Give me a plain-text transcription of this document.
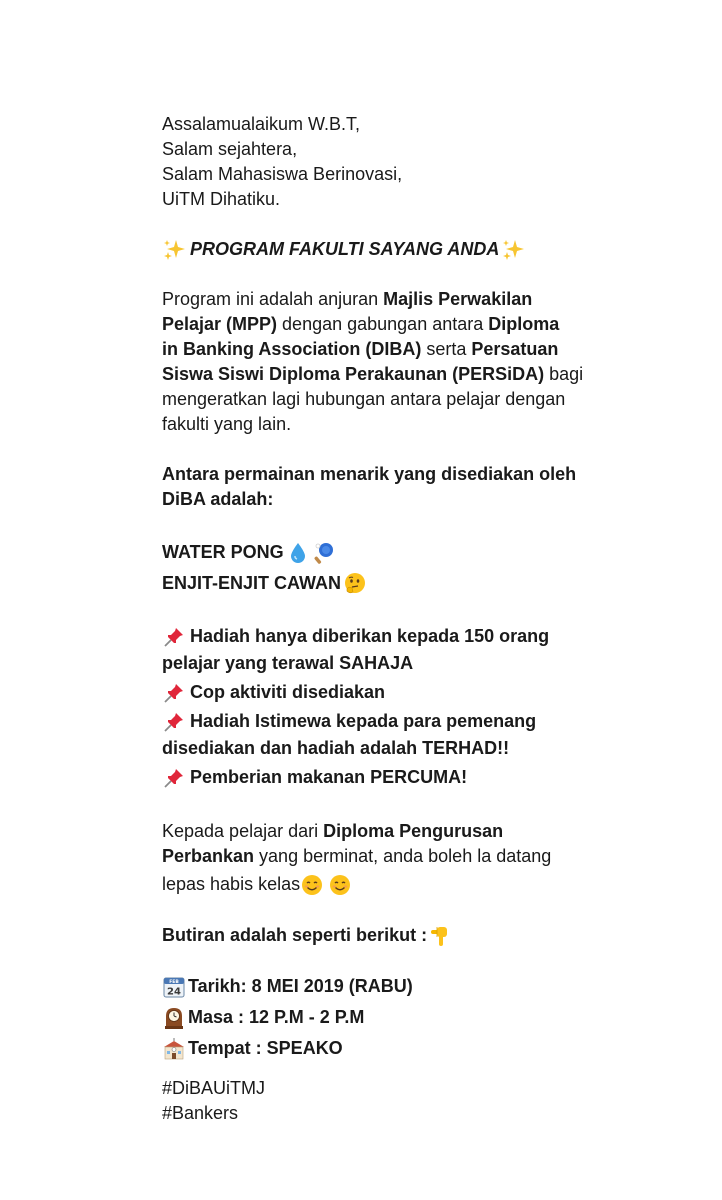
Assalamualaikum W.B.T,
Salam sejahtera,
Salam Mahasiswa Berinovasi,
UiTM Dihatiku.
PROGRAM FAKULTI SAYANG ANDA
Program ini adalah anjuran Majlis Perwakilan
Pelajar (MPP) dengan gabungan antara Diploma
in Banking Association (DIBA) serta Persatuan
Siswa Siswi Diploma Perakaunan (PERSiDA) bagi
mengeratkan lagi hubungan antara pelajar dengan
fakulti yang lain.
Antara permainan menarik yang disediakan oleh
DiBA adalah:
WATER PONG
ENJIT-ENJIT CAWAN
Hadiah hanya diberikan kepada 150 orang
pelajar yang terawal SAHAJA
Cop aktiviti disediakan
Hadiah Istimewa kepada para pemenang
disediakan dan hadiah adalah TERHAD!!
Pemberian makanan PERCUMA!
Kepada pelajar dari Diploma Pengurusan
Perbankan yang berminat, anda boleh la datang
lepas habis kelas
Butiran adalah seperti berikut :
FEB
24 Tarikh: 8 MEI 2019 (RABU)
Masa : 12 P.M - 2 P.M
Tempat : SPEAKO
#DiBAUiTMJ
#Bankers
